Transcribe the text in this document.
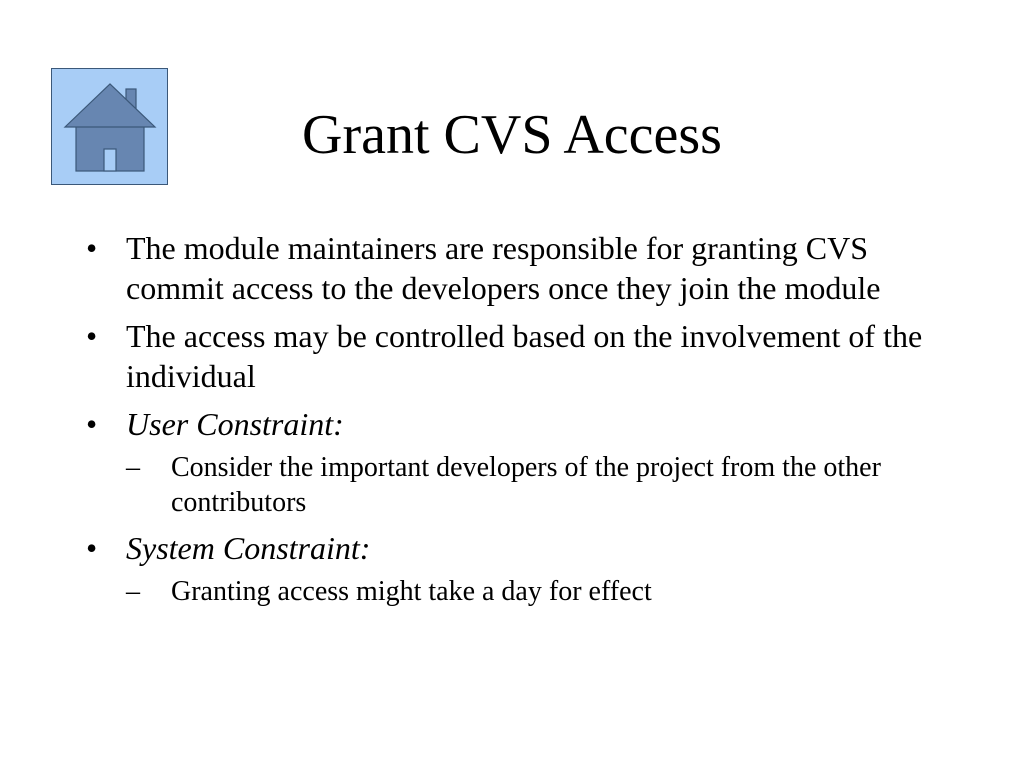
Grant CVS Access
• The module maintainers are responsible for granting CVS commit access to the developers once they join the module
• The access may be controlled based on the involvement of the individual
• User Constraint:
– Consider the important developers of the project from the other contributors
• System Constraint:
– Granting access might take a day for effect
